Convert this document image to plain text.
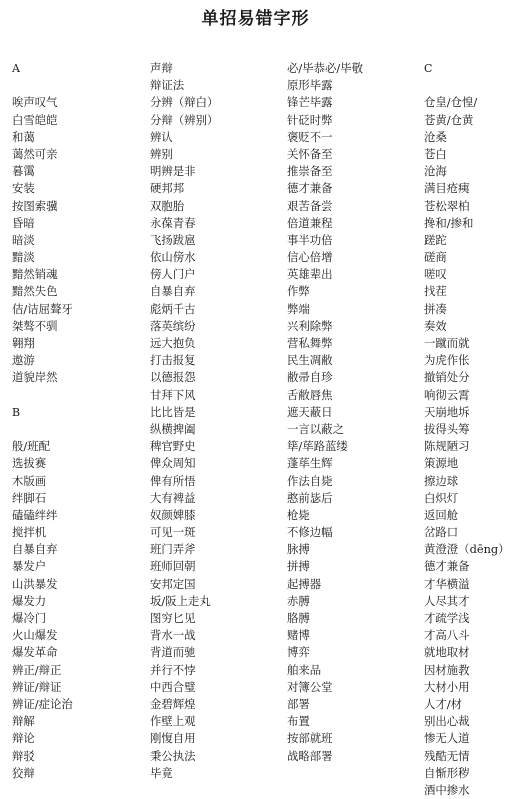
单招易错字形
A

唉声叹气
白雪皑皑
和蔼
蔼然可亲
暮霭
安装
按图索骥
昏暗
暗淡
黯淡
黯然销魂
黯然失色
佶/诘屈聱牙
桀骜不驯
翱翔
遨游
道貌岸然

B

般/班配
选拔赛
木版画
绊脚石
磕磕绊绊
搅拌机
自暴自弃
暴发户
山洪暴发
爆发力
爆冷门
火山爆发
爆发革命
辨正/辩正
辨证/辩证
辨证/症论治
辩解
辩论
辩驳
狡辩
声辩
辩证法
分辨（辩白）
分辩（辨别）
辨认
辨别
明辨是非
硬邦邦
双胞胎
永葆青春
飞扬跋扈
依山傍水
傍人门户
自暴自弃
彪炳千古
落英缤纷
远大抱负
打击报复
以德报怨
甘拜下风
比比皆是
纵横捭阖
稗官野史
俾众周知
俾有所悟
大有裨益
奴颜婢膝
可见一斑
班门弄斧
班师回朝
安邦定国
坂/阪上走丸
图穷匕见
背水一战
背道而驰
并行不悖
中西合璧
金碧辉煌
作壁上观
刚愎自用
秉公执法
毕竟
必/毕恭必/毕敬
原形毕露
锋芒毕露
针砭时弊
褒贬不一
关怀备至
推崇备至
德才兼备
艰苦备尝
倍道兼程
事半功倍
信心倍增
英雄辈出
作弊
弊端
兴利除弊
营私舞弊
民生凋敝
敝帚自珍
舌敝唇焦
遮天蔽日
一言以蔽之
筚/荜路蓝缕
蓬荜生辉
作法自毙
憨前毖后
枪毙
不修边幅
脉搏
拼搏
起搏器
赤膊
胳膊
赌博
博弈
舶来品
对簿公堂
部署
布置
按部就班
战略部署
C

仓皇/仓惶/
苍黄/仓黄
沧桑
苍白
沧海
满目疮痍
苍松翠柏
搀和/掺和
蹉跎
磋商
嗟叹
找茬
拼凑
奏效
一蹴而就
为虎作伥
撤销处分
响彻云霄
天崩地坼
拔得头筹
陈规陋习
策源地
擦边球
白炽灯
返回舱
岔路口
黄澄澄（dēng）
德才兼备
才华横溢
人尽其才
才疏学浅
才高八斗
就地取材
因材施教
大材小用
人才/材
别出心裁
惨无人道
残酷无情
自惭形秽
酒中掺水
